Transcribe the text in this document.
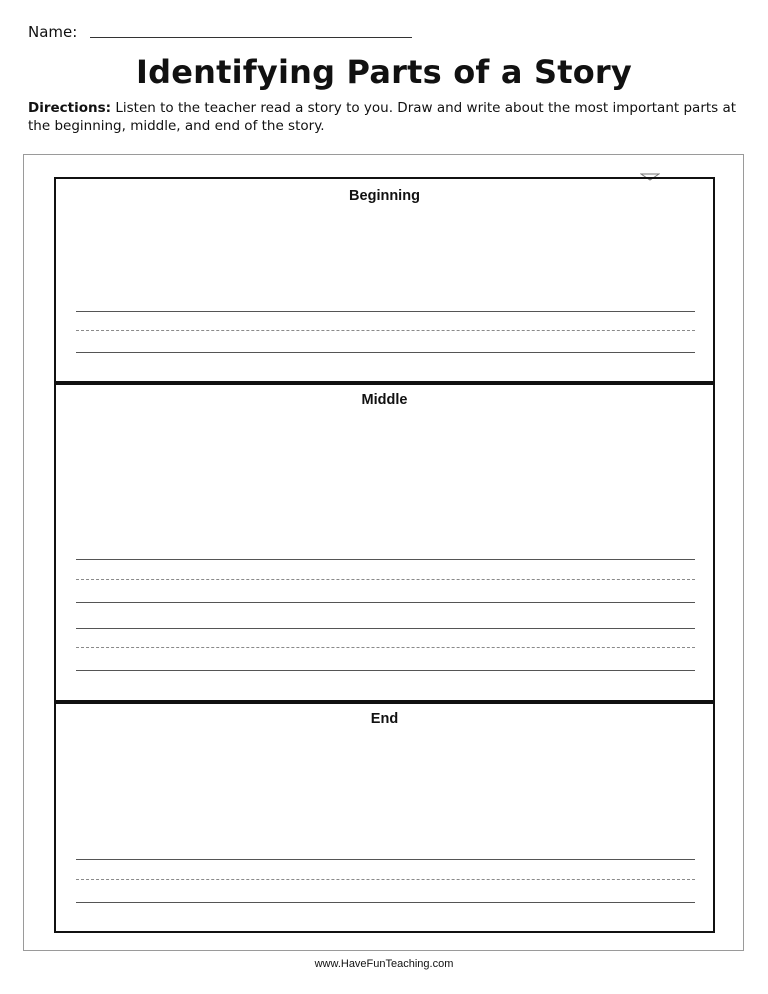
Name:
Identifying Parts of a Story
Directions: Listen to the teacher read a story to you. Draw and write about the most important parts at the beginning, middle, and end of the story.
Beginning
Middle
End
www.HaveFunTeaching.com
